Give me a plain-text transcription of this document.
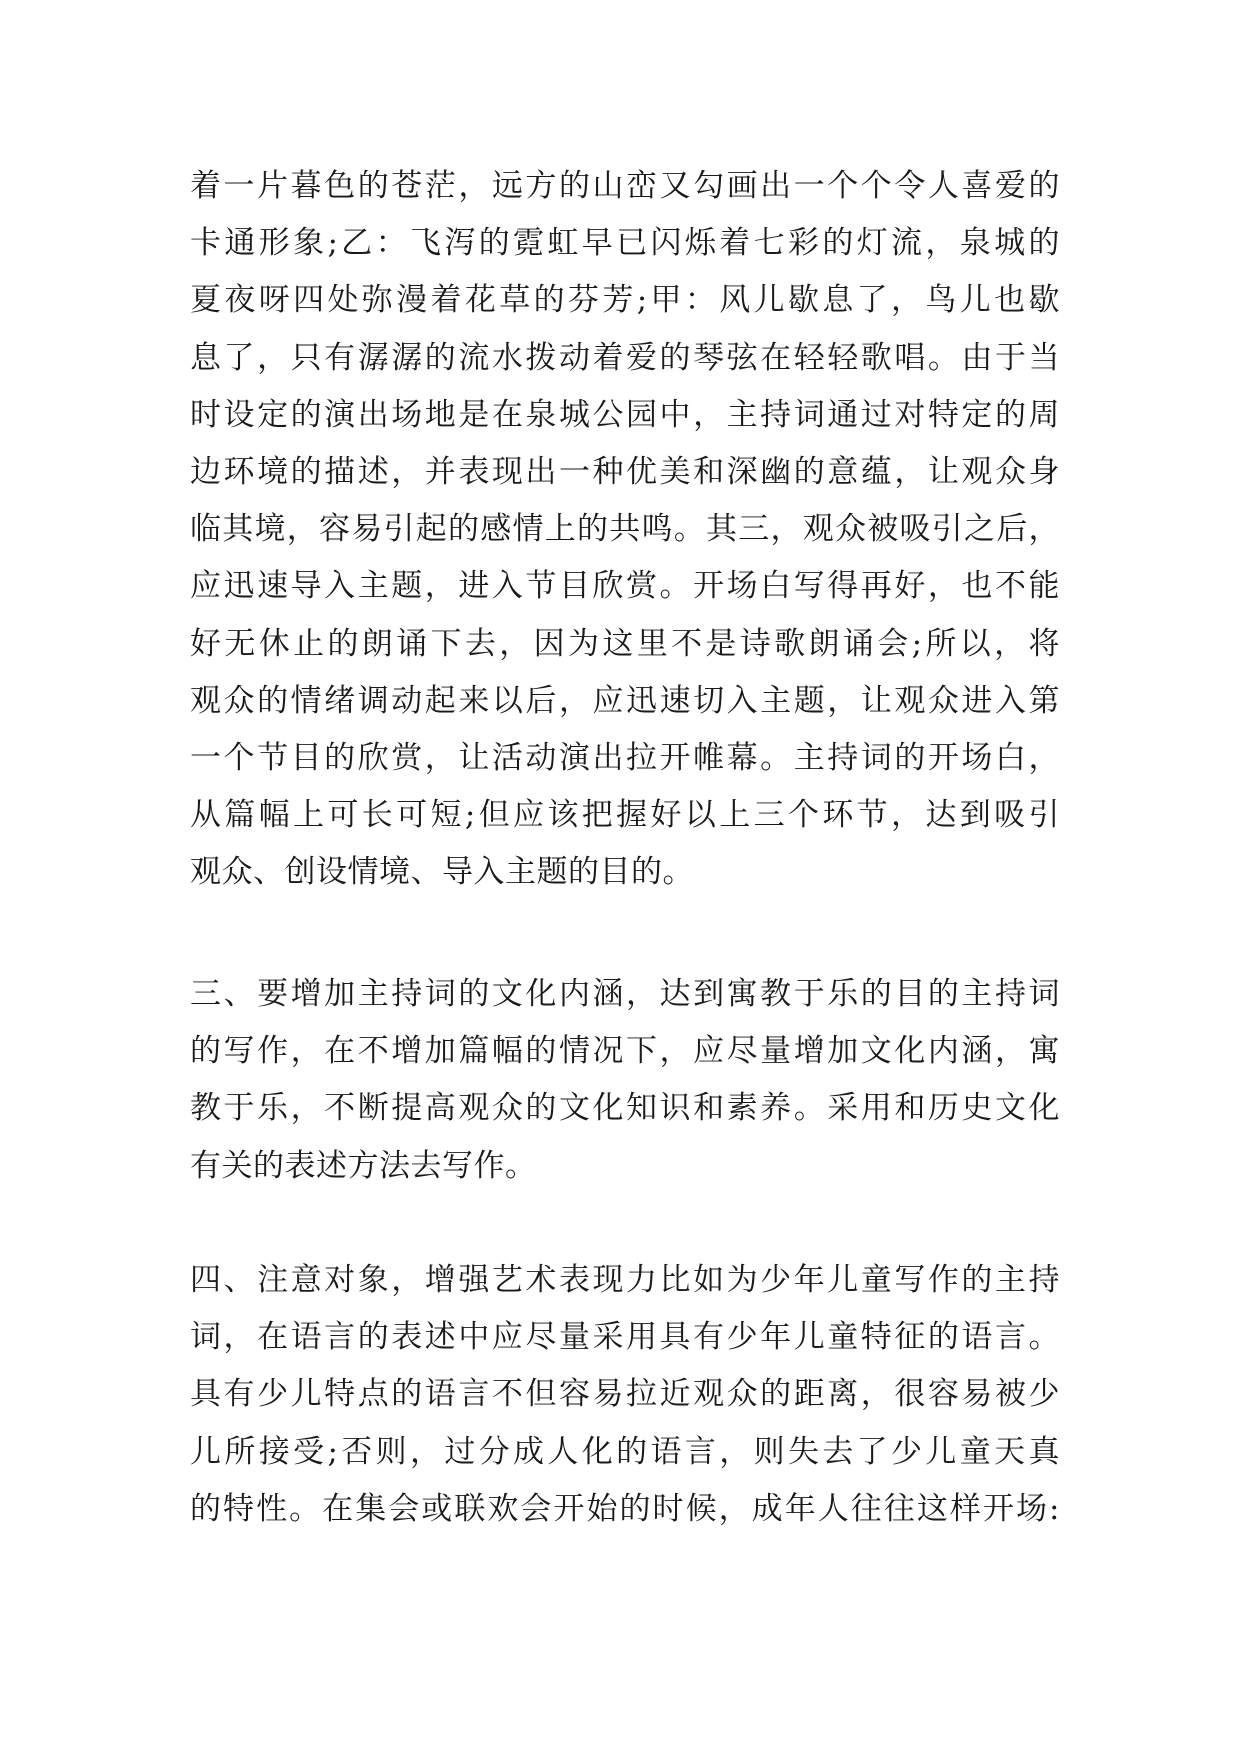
着一片暮色的苍茫，远方的山峦又勾画出一个个令人喜爱的
卡通形象;乙：飞泻的霓虹早已闪烁着七彩的灯流，泉城的
夏夜呀四处弥漫着花草的芬芳;甲：风儿歇息了，鸟儿也歇
息了，只有潺潺的流水拨动着爱的琴弦在轻轻歌唱。由于当
时设定的演出场地是在泉城公园中，主持词通过对特定的周
边环境的描述，并表现出一种优美和深幽的意蕴，让观众身
临其境，容易引起的感情上的共鸣。其三，观众被吸引之后，
应迅速导入主题，进入节目欣赏。开场白写得再好，也不能
好无休止的朗诵下去，因为这里不是诗歌朗诵会;所以，将
观众的情绪调动起来以后，应迅速切入主题，让观众进入第
一个节目的欣赏，让活动演出拉开帷幕。主持词的开场白，
从篇幅上可长可短;但应该把握好以上三个环节，达到吸引
观众、创设情境、导入主题的目的。
三、要增加主持词的文化内涵，达到寓教于乐的目的主持词
的写作，在不增加篇幅的情况下，应尽量增加文化内涵，寓
教于乐，不断提高观众的文化知识和素养。采用和历史文化
有关的表述方法去写作。
四、注意对象，增强艺术表现力比如为少年儿童写作的主持
词，在语言的表述中应尽量采用具有少年儿童特征的语言。
具有少儿特点的语言不但容易拉近观众的距离，很容易被少
儿所接受;否则，过分成人化的语言，则失去了少儿童天真
的特性。在集会或联欢会开始的时候，成年人往往这样开场:
